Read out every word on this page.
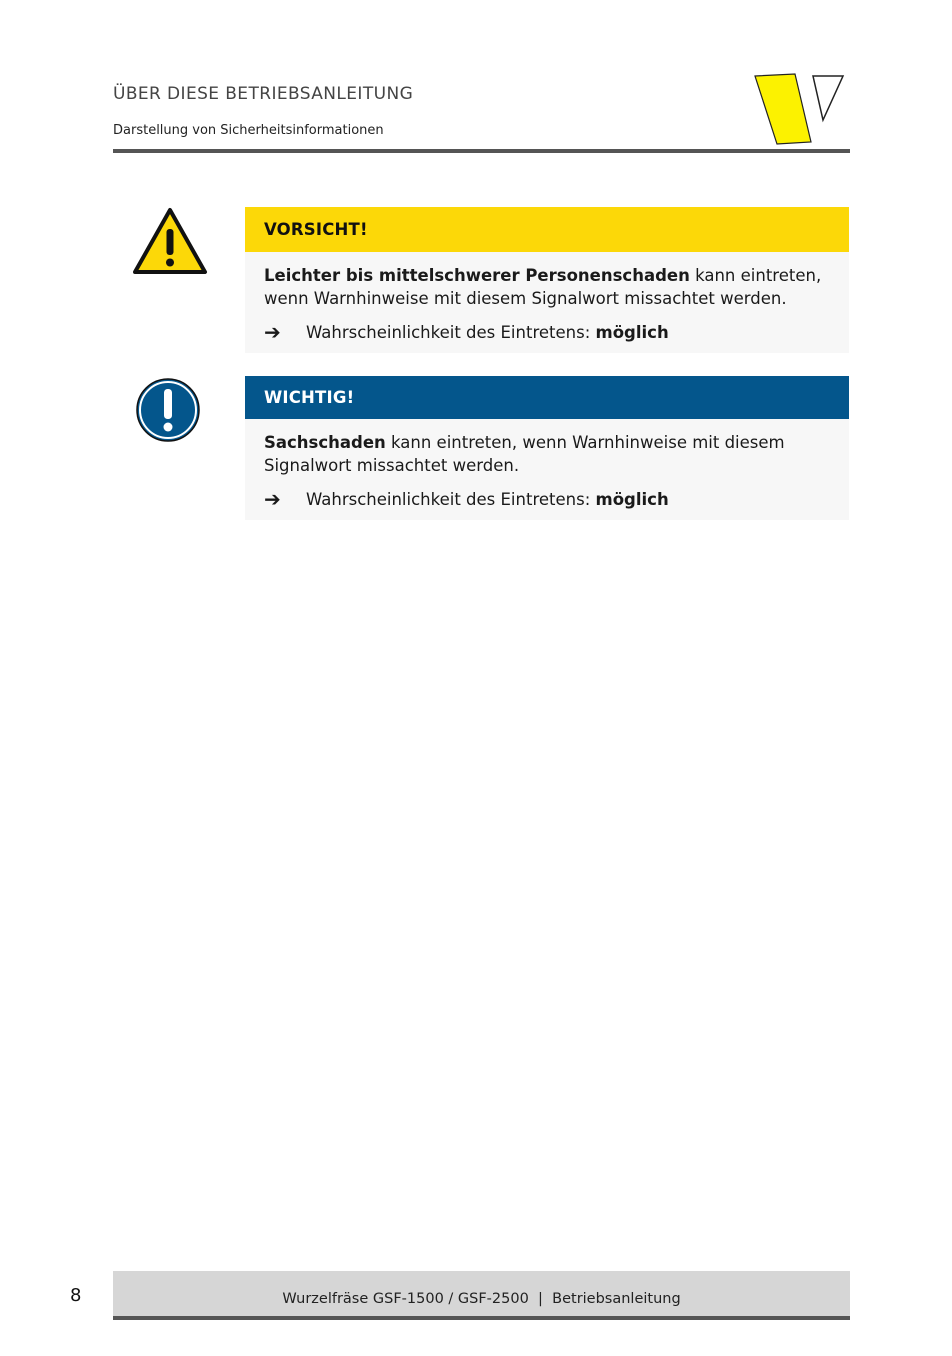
ÜBER DIESE BETRIEBSANLEITUNG
Darstellung von Sicherheitsinformationen
VORSICHT!
Leichter bis mittelschwerer Personenschaden kann eintreten, wenn Warnhinweise mit diesem Signalwort missachtet werden.
➔	Wahrscheinlichkeit des Eintretens:
möglich
WICHTIG!
Sachschaden kann eintreten, wenn Warnhinweise mit diesem Signalwort missachtet werden.
➔	Wahrscheinlichkeit des Eintretens:
möglich
8	Wurzelfräse GSF-1500 / GSF-2500  |  Betriebsanleitung
